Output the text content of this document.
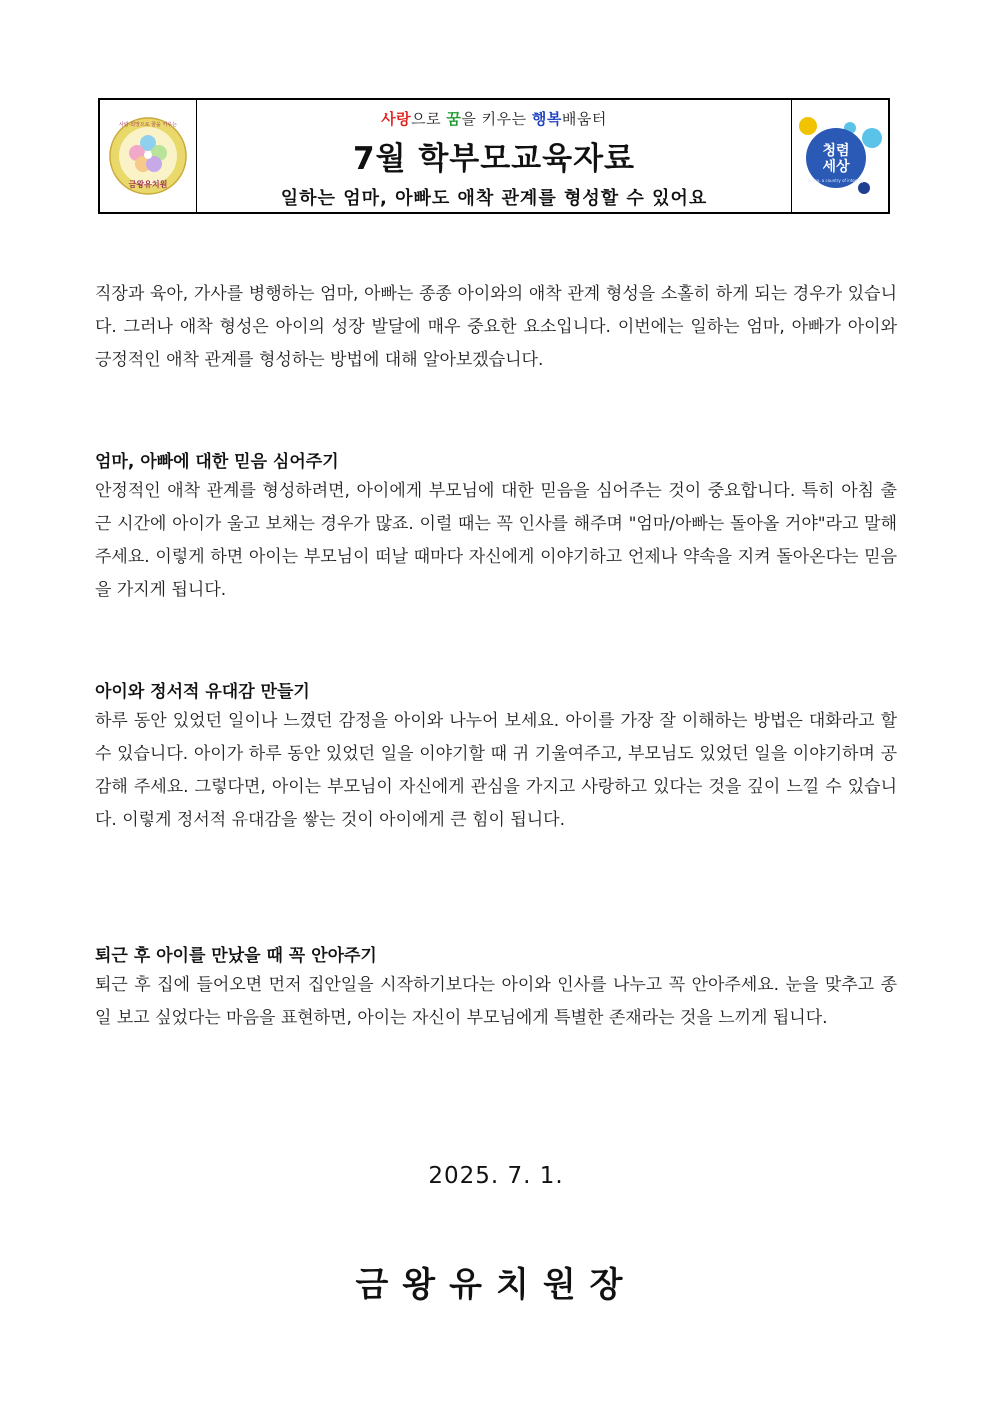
금왕유치원
사랑·희망으로 꿈을 키우는	사랑으로 꿈을 키우는 행복배움터
7월 학부모교육자료
일하는 엄마, 아빠도 애착 관계를 형성할 수 있어요
청렴
세상
Korea, a country of integrity

직장과 육아, 가사를 병행하는 엄마, 아빠는 종종 아이와의 애착 관계 형성을 소홀히 하게 되는 경우가 있습니다. 그러나 애착 형성은 아이의 성장 발달에 매우 중요한 요소입니다. 이번에는 일하는 엄마, 아빠가 아이와 긍정적인 애착 관계를 형성하는 방법에 대해 알아보겠습니다.

엄마, 아빠에 대한 믿음 심어주기

안정적인 애착 관계를 형성하려면, 아이에게 부모님에 대한 믿음을 심어주는 것이 중요합니다. 특히 아침 출근 시간에 아이가 울고 보채는 경우가 많죠. 이럴 때는 꼭 인사를 해주며 "엄마/아빠는 돌아올 거야"라고 말해주세요. 이렇게 하면 아이는 부모님이 떠날 때마다 자신에게 이야기하고 언제나 약속을 지켜 돌아온다는 믿음을 가지게 됩니다.

아이와 정서적 유대감 만들기

하루 동안 있었던 일이나 느꼈던 감정을 아이와 나누어 보세요. 아이를 가장 잘 이해하는 방법은 대화라고 할 수 있습니다. 아이가 하루 동안 있었던 일을 이야기할 때 귀 기울여주고, 부모님도 있었던 일을 이야기하며 공감해 주세요. 그렇다면, 아이는 부모님이 자신에게 관심을 가지고 사랑하고 있다는 것을 깊이 느낄 수 있습니다. 이렇게 정서적 유대감을 쌓는 것이 아이에게 큰 힘이 됩니다.

퇴근 후 아이를 만났을 때 꼭 안아주기

퇴근 후 집에 들어오면 먼저 집안일을 시작하기보다는 아이와 인사를 나누고 꼭 안아주세요. 눈을 맞추고 종일 보고 싶었다는 마음을 표현하면, 아이는 자신이 부모님에게 특별한 존재라는 것을 느끼게 됩니다.

2025. 7. 1.
금왕유치원장
